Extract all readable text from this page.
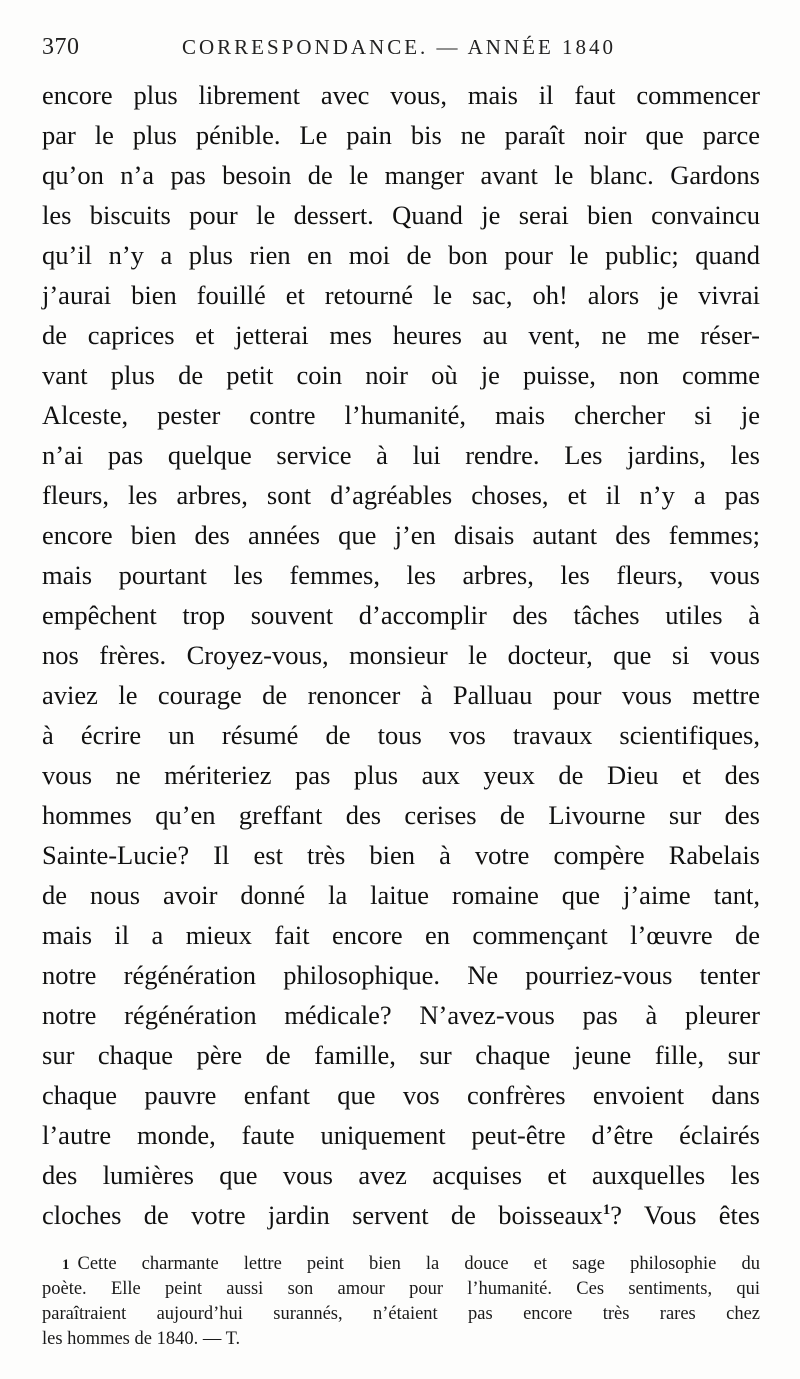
370	CORRESPONDANCE. — ANNÉE 1840
encore plus librement avec vous, mais il faut commencer
par le plus pénible. Le pain bis ne paraît noir que parce
qu’on n’a pas besoin de le manger avant le blanc. Gardons
les biscuits pour le dessert. Quand je serai bien convaincu
qu’il n’y a plus rien en moi de bon pour le public; quand
j’aurai bien fouillé et retourné le sac, oh! alors je vivrai
de caprices et jetterai mes heures au vent, ne me réser-
vant plus de petit coin noir où je puisse, non comme
Alceste, pester contre l’humanité, mais chercher si je
n’ai pas quelque service à lui rendre. Les jardins, les
fleurs, les arbres, sont d’agréables choses, et il n’y a pas
encore bien des années que j’en disais autant des femmes;
mais pourtant les femmes, les arbres, les fleurs, vous
empêchent trop souvent d’accomplir des tâches utiles à
nos frères. Croyez-vous, monsieur le docteur, que si vous
aviez le courage de renoncer à Palluau pour vous mettre
à écrire un résumé de tous vos travaux scientifiques,
vous ne mériteriez pas plus aux yeux de Dieu et des
hommes qu’en greffant des cerises de Livourne sur des
Sainte-Lucie? Il est très bien à votre compère Rabelais
de nous avoir donné la laitue romaine que j’aime tant,
mais il a mieux fait encore en commençant l’œuvre de
notre régénération philosophique. Ne pourriez-vous tenter
notre régénération médicale? N’avez-vous pas à pleurer
sur chaque père de famille, sur chaque jeune fille, sur
chaque pauvre enfant que vos confrères envoient dans
l’autre monde, faute uniquement peut-être d’être éclairés
des lumières que vous avez acquises et auxquelles les
cloches de votre jardin servent de boisseaux$^1$? Vous êtes
1 Cette charmante lettre peint bien la douce et sage philosophie du
poète. Elle peint aussi son amour pour l’humanité. Ces sentiments, qui
paraîtraient aujourd’hui surannés, n’étaient pas encore très rares chez
les hommes de 1840. — T.
